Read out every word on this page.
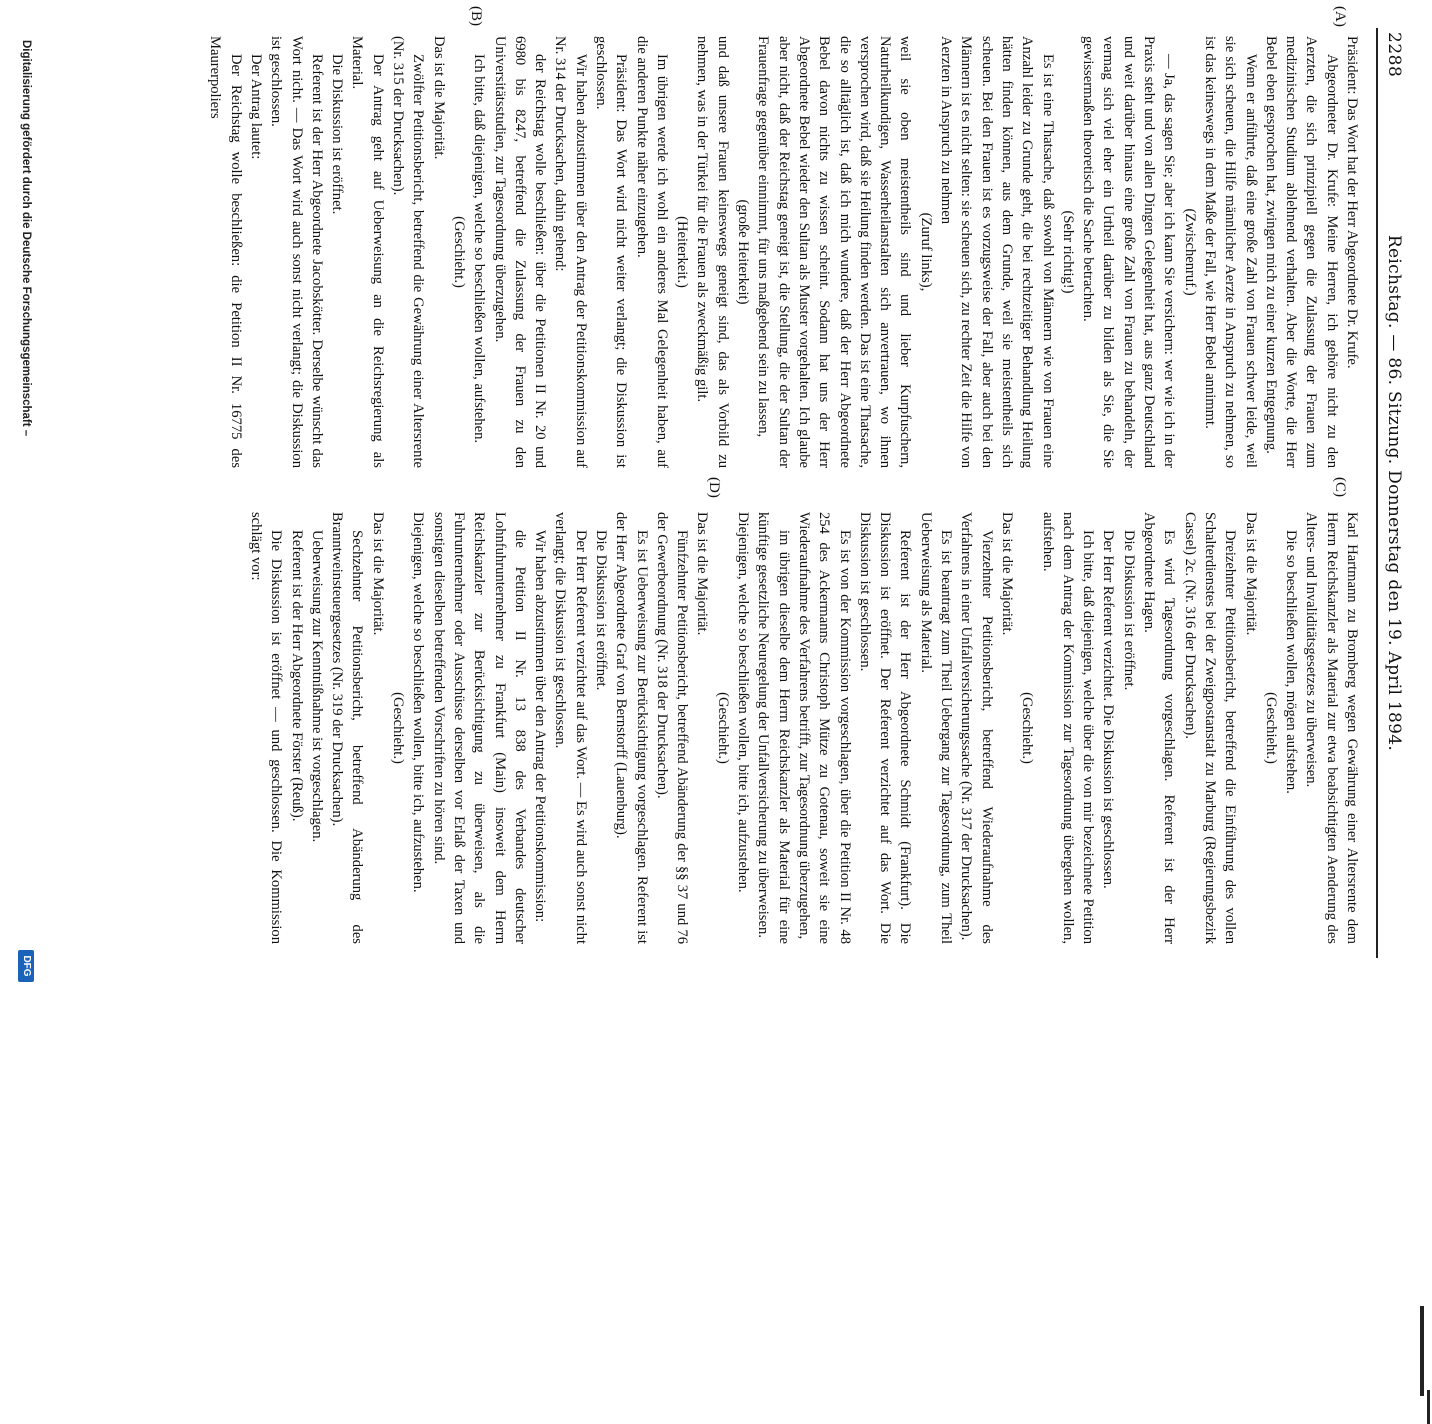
2288
Reichstag. — 86. Sitzung. Donnerstag den 19. April 1894.
(A)
(B)
(C)
(D)

Präsident: Das Wort hat der Herr Abgeordnete Dr. Krufe.

Abgeordneter Dr. Krufe: Meine Herren, ich gehöre nicht zu den Aerzten, die sich prinzipiell gegen die Zulassung der Frauen zum medizinischen Studium ablehnend verhalten. Aber die Worte, die Herr Bebel eben gesprochen hat, zwingen mich zu einer kurzen Entgegnung.

Wenn er anführte, daß eine große Zahl von Frauen schwer leide, weil sie sich scheuen, die Hilfe männlicher Aerzte in Anspruch zu nehmen, so ist das keineswegs in dem Maße der Fall, wie Herr Bebel annimmt.

(Zwischenruf.)

— Ja, das sagen Sie; aber ich kann Sie versichern: wer wie ich in der Praxis steht und von allen Dingen Gelegenheit hat, aus ganz Deutschland und weit darüber hinaus eine große Zahl von Frauen zu behandeln, der vermag sich viel eher ein Urtheil darüber zu bilden als Sie, die Sie gewissermaßen theoretisch die Sache betrachten.

(Sehr richtig!)

Es ist eine Thatsache, daß sowohl von Männern wie von Frauen eine Anzahl leider zu Grunde geht, die bei rechtzeitiger Behandlung Heilung hätten finden können, aus dem Grunde, weil sie meistentheils sich scheuen. Bei den Frauen ist es vorzugsweise der Fall, aber auch bei den Männern ist es nicht selten: sie scheuen sich, zu rechter Zeit die Hilfe von Aerzten in Anspruch zu nehmen

(Zuruf links),

weil sie oben meistentheils sind und lieber Kurpfuschern, Naturheilkundigen, Wasserheilanstalten sich anvertrauen, wo ihnen versprochen wird, daß sie Heilung finden werden. Das ist eine Thatsache, die so alltäglich ist, daß ich mich wundere, daß der Herr Abgeordnete Bebel davon nichts zu wissen scheint. Sodann hat uns der Herr Abgeordnete Bebel wieder den Sultan als Muster vorgehalten. Ich glaube aber nicht, daß der Reichstag geneigt ist, die Stellung, die der Sultan der Frauenfrage gegenüber einnimmt, für uns maßgebend sein zu lassen,

(große Heiterkeit)

und daß unsere Frauen keineswegs geneigt sind, das als Vorbild zu nehmen, was in der Türkei für die Frauen als zweckmäßig gilt.

(Heiterkeit.)

Im übrigen werde ich wohl ein anderes Mal Gelegenheit haben, auf die anderen Punkte näher einzugehen.

Präsident: Das Wort wird nicht weiter verlangt; die Diskussion ist geschlossen.

Wir haben abzustimmen über den Antrag der Petitionskommission auf Nr. 314 der Drucksachen, dahin gehend:

der Reichstag wolle beschließen: über die Petitionen II Nr. 20 und 6980 bis 8247, betreffend die Zulassung der Frauen zu den Universitätsstudien, zur Tagesordnung überzugehen.

Ich bitte, daß diejenigen, welche so beschließen wollen, aufstehen.

(Geschieht.)

Das ist die Majorität.

Zwölfter Petitionsbericht, betreffend die Gewährung einer Altersrente (Nr. 315 der Drucksachen).

Der Antrag geht auf Ueberweisung an die Reichsregierung als Material.

Die Diskussion ist eröffnet.

Referent ist der Herr Abgeordnete Jacobskötter. Derselbe wünscht das Wort nicht. — Das Wort wird auch sonst nicht verlangt; die Diskussion ist geschlossen.

Der Antrag lautet:

Der Reichstag wolle beschließen: die Petition II Nr. 16775 des Maurerpoliers

Karl Hartmann zu Bromberg wegen Gewährung einer Altersrente dem Herrn Reichskanzler als Material zur etwa beabsichtigten Aenderung des Alters- und Invaliditätsgesetzes zu überweisen.

Die so beschließen wollen, mögen aufstehen.

(Geschieht.)

Das ist die Majorität.

Dreizehnter Petitionsbericht, betreffend die Einführung des vollen Schalterdienstes bei der Zweigpostanstalt zu Marburg (Regierungsbezirk Cassel) 2c. (Nr. 316 der Drucksachen).

Es wird Tagesordnung vorgeschlagen. Referent ist der Herr Abgeordnete Hagen.

Die Diskussion ist eröffnet.

Der Herr Referent verzichtet. Die Diskussion ist geschlossen.

Ich bitte, daß diejenigen, welche über die von mir bezeichnete Petition nach dem Antrag der Kommission zur Tagesordnung übergehen wollen, aufstehen.

(Geschieht.)

Das ist die Majorität.

Vierzehnter Petitionsbericht, betreffend Wiederaufnahme des Verfahrens in einer Unfallversicherungssache (Nr. 317 der Drucksachen).

Es ist beantragt zum Theil Uebergang zur Tagesordnung, zum Theil Ueberweisung als Material.

Referent ist der Herr Abgeordnete Schmidt (Frankfurt). Die Diskussion ist eröffnet. Der Referent verzichtet auf das Wort. Die Diskussion ist geschlossen.

Es ist von der Kommission vorgeschlagen, über die Petition II Nr. 48 254 des Ackermanns Christoph Mütze zu Gotenau, soweit sie eine Wiederaufnahme des Verfahrens betrifft, zur Tagesordnung überzugehen,

im übrigen dieselbe dem Herrn Reichskanzler als Material für eine künftige gesetzliche Neuregelung der Unfallversicherung zu überweisen.

Diejenigen, welche so beschließen wollen, bitte ich, aufzustehen.

(Geschieht.)

Das ist die Majorität.

Fünfzehnter Petitionsbericht, betreffend Abänderung der §§ 37 und 76 der Gewerbeordnung (Nr. 318 der Drucksachen).

Es ist Ueberweisung zur Berücksichtigung vorgeschlagen. Referent ist der Herr Abgeordnete Graf von Bernstorff (Lauenburg).

Die Diskussion ist eröffnet.

Der Herr Referent verzichtet auf das Wort. — Es wird auch sonst nicht verlangt; die Diskussion ist geschlossen.

Wir haben abzustimmen über den Antrag der Petitionskommission:

die Petition II Nr. 13 838 des Verbandes deutscher Lohnfuhrunternehmer zu Frankfurt (Main) insoweit dem Herrn Reichskanzler zur Berücksichtigung zu überweisen, als die Fuhrunternehmer oder Ausschüsse derselben vor Erlaß der Taxen und sonstigen dieselben betreffenden Vorschriften zu hören sind.

Diejenigen, welche so beschließen wollen, bitte ich, aufzustehen.

(Geschieht.)

Das ist die Majorität.

Sechzehnter Petitionsbericht, betreffend Abänderung des Branntweinsteuergesetzes (Nr. 319 der Drucksachen).

Ueberweisung zur Kenntnißnahme ist vorgeschlagen.

Referent ist der Herr Abgeordnete Förster (Reuß).

Die Diskussion ist eröffnet — und geschlossen. Die Kommission schlägt vor:

Digitalisierung gefördert durch die Deutsche Forschungsgemeinschaft –
DFG
